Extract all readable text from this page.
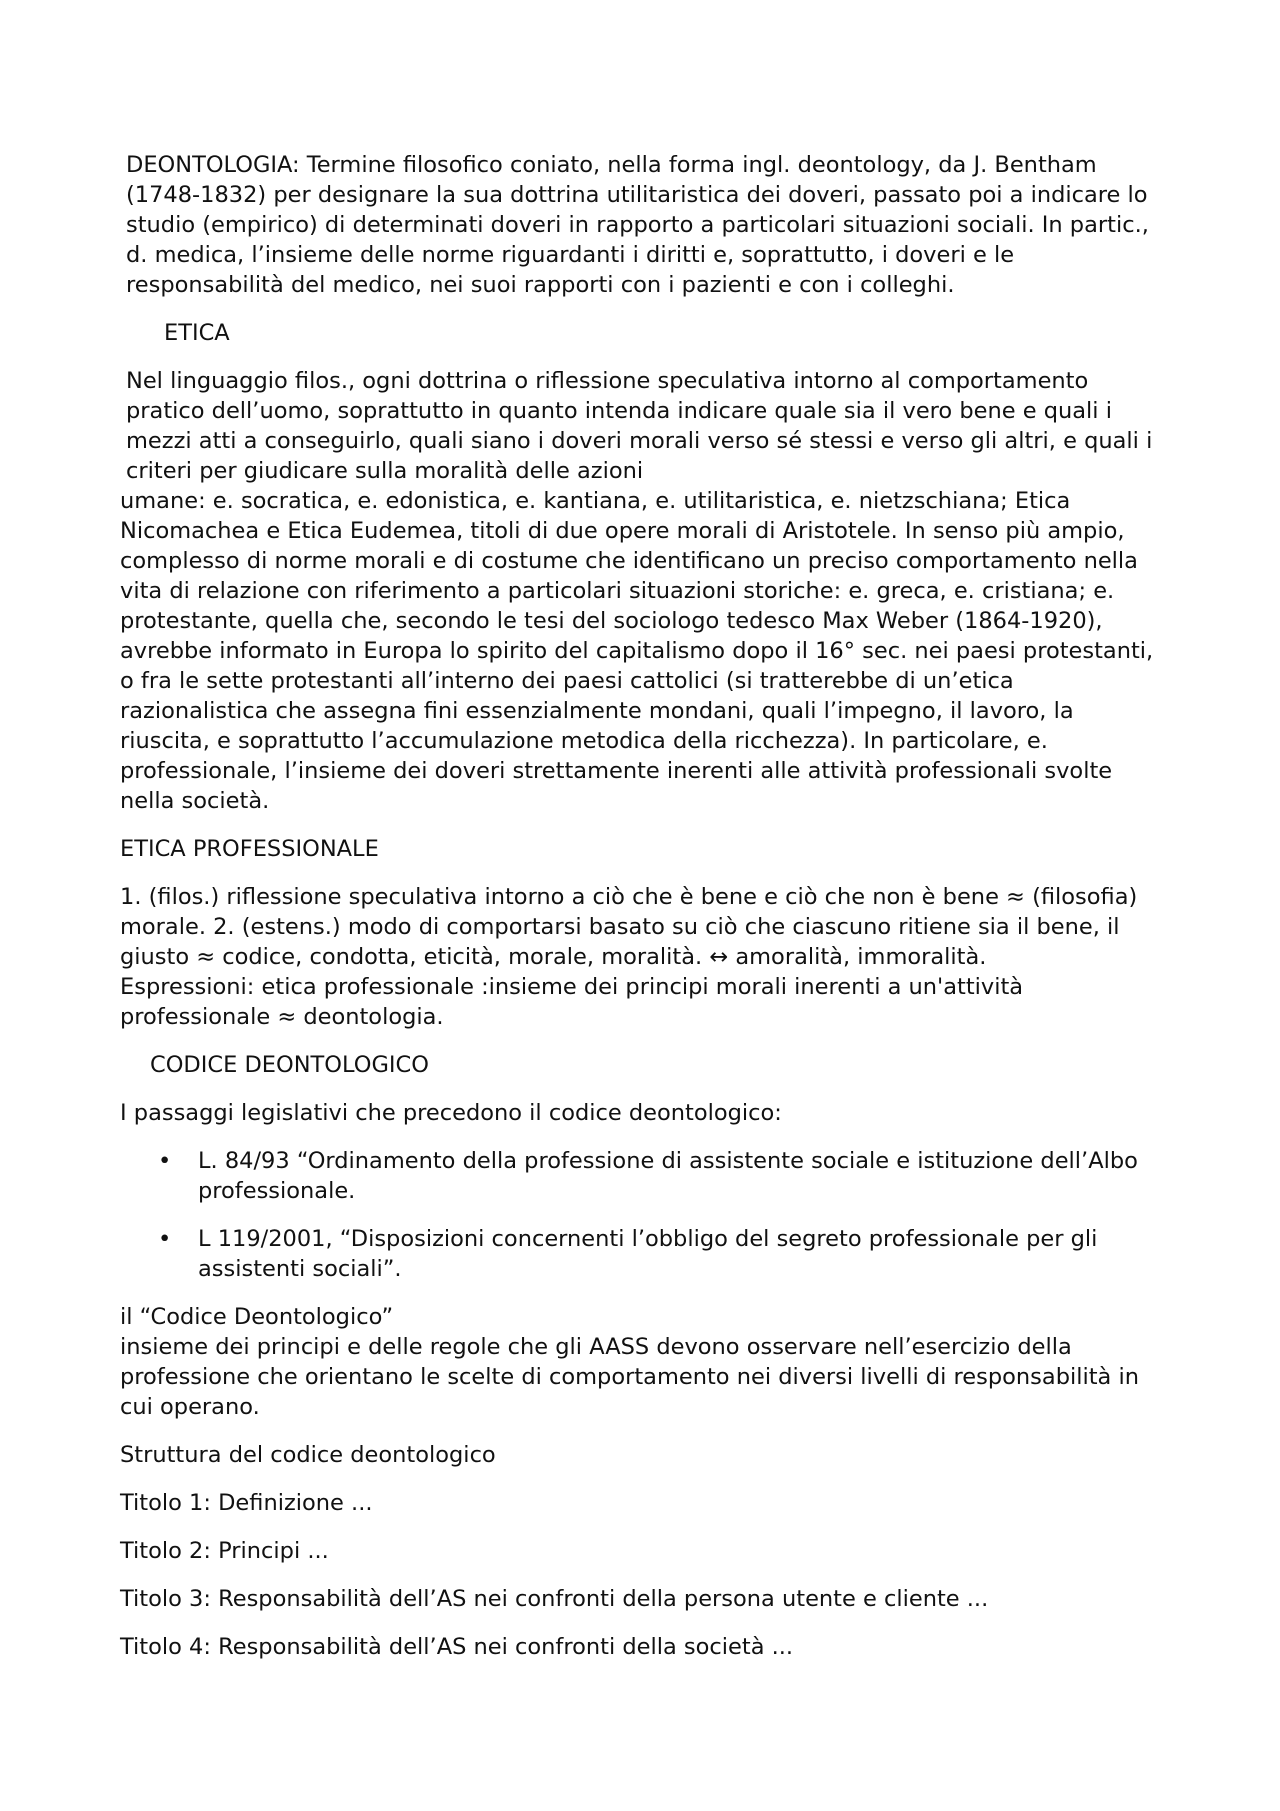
DEONTOLOGIA: Termine filosofico coniato, nella forma ingl. deontology, da J. Bentham (1748-1832) per designare la sua dottrina utilitaristica dei doveri, passato poi a indicare lo studio (empirico) di determinati doveri in rapporto a particolari situazioni sociali. In partic., d. medica, l’insieme delle norme riguardanti i diritti e, soprattutto, i doveri e le responsabilità del medico, nei suoi rapporti con i pazienti e con i colleghi.

ETICA

Nel linguaggio filos., ogni dottrina o riflessione speculativa intorno al comportamento pratico dell’uomo, soprattutto in quanto intenda indicare quale sia il vero bene e quali i mezzi atti a conseguirlo, quali siano i doveri morali verso sé stessi e verso gli altri, e quali i criteri per giudicare sulla moralità delle azioni

umane: e. socratica, e. edonistica, e. kantiana, e. utilitaristica, e. nietzschiana; Etica Nicomachea e Etica Eudemea, titoli di due opere morali di Aristotele. In senso più ampio, complesso di norme morali e di costume che identificano un preciso comportamento nella vita di relazione con riferimento a particolari situazioni storiche: e. greca, e. cristiana; e. protestante, quella che, secondo le tesi del sociologo tedesco Max Weber (1864-1920), avrebbe informato in Europa lo spirito del capitalismo dopo il 16° sec. nei paesi protestanti, o fra le sette protestanti all’interno dei paesi cattolici (si tratterebbe di un’etica razionalistica che assegna fini essenzialmente mondani, quali l’impegno, il lavoro, la riuscita, e soprattutto l’accumulazione metodica della ricchezza). In particolare, e. professionale, l’insieme dei doveri strettamente inerenti alle attività professionali svolte nella società.

ETICA PROFESSIONALE

1. (filos.) riflessione speculativa intorno a ciò che è bene e ciò che non è bene ≈ (filosofia) morale. 2. (estens.) modo di comportarsi basato su ciò che ciascuno ritiene sia il bene, il giusto ≈ codice, condotta, eticità, morale, moralità. ↔ amoralità, immoralità.

Espressioni: etica professionale :insieme dei principi morali inerenti a un'attività professionale ≈ deontologia.

CODICE DEONTOLOGICO

I passaggi legislativi che precedono il codice deontologico:

• L. 84/93 “Ordinamento della professione di assistente sociale e istituzione dell’Albo professionale.
• L 119/2001, “Disposizioni concernenti l’obbligo del segreto professionale per gli assistenti sociali”.

il “Codice Deontologico”

insieme dei principi e delle regole che gli AASS devono osservare nell’esercizio della professione che orientano le scelte di comportamento nei diversi livelli di responsabilità in cui operano.

Struttura del codice deontologico

Titolo 1: Definizione ...

Titolo 2: Principi ...

Titolo 3: Responsabilità dell’AS nei confronti della persona utente e cliente ...

Titolo 4: Responsabilità dell’AS nei confronti della società ...
